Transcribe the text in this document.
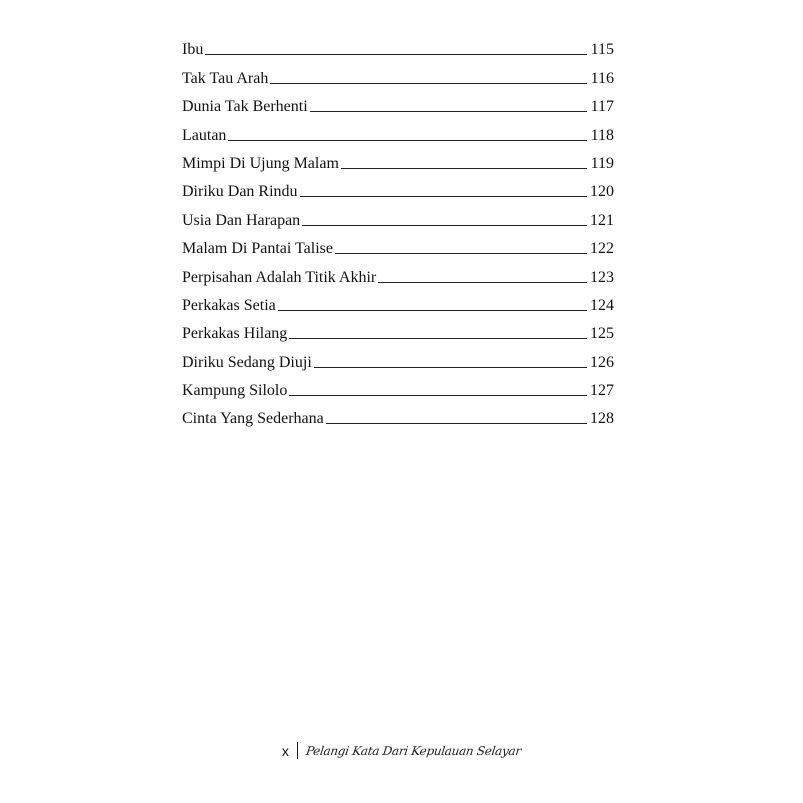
Ibu	115
Tak Tau Arah	116
Dunia Tak Berhenti	117
Lautan	118
Mimpi Di Ujung Malam	119
Diriku Dan Rindu	120
Usia Dan Harapan	121
Malam Di Pantai Talise	122
Perpisahan Adalah Titik Akhir	123
Perkakas Setia	124
Perkakas Hilang	125
Diriku Sedang Diuji	126
Kampung Silolo	127
Cinta Yang Sederhana	128
x Pelangi Kata Dari Kepulauan Selayar
